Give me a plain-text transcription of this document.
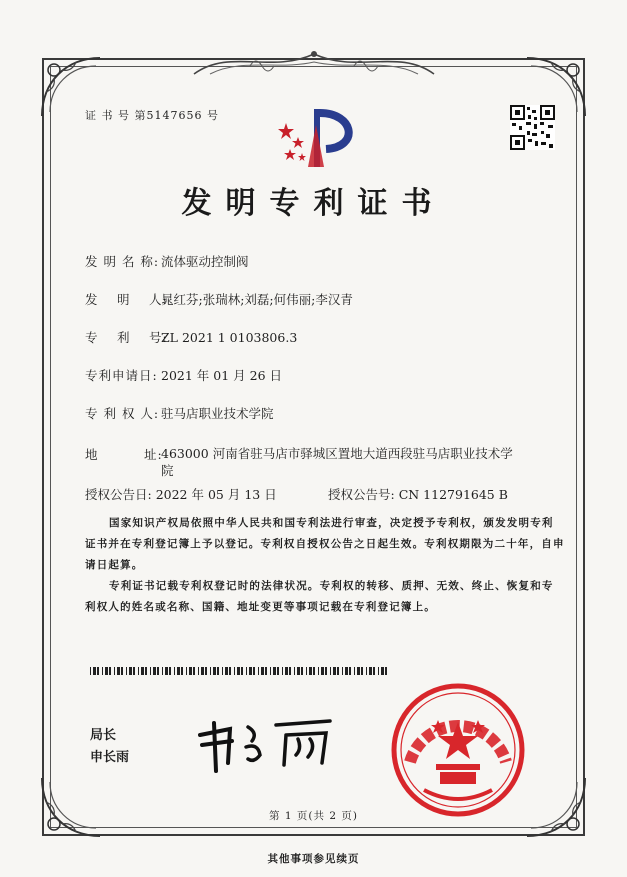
证 书 号 第5147656 号
发明专利证书
发 明 名 称: 流体驱动控制阀
发　 明　 人:晁红芬;张瑞林;刘磊;何伟丽;李汉青
专　 利　 号:ZL 2021 1 0103806.3
专利申请日: 2021 年 01 月 26 日
专 利 权 人: 驻马店职业技术学院
地　　　 址:
463000 河南省驻马店市驿城区置地大道西段驻马店职业技术学院
授权公告日: 2022 年 05 月 13 日	授权公告号: CN 112791645 B
国家知识产权局依照中华人民共和国专利法进行审查，决定授予专利权，颁发发明专利证书并在专利登记簿上予以登记。专利权自授权公告之日起生效。专利权期限为二十年，自申请日起算。
专利证书记载专利权登记时的法律状况。专利权的转移、质押、无效、终止、恢复和专利权人的姓名或名称、国籍、地址变更等事项记载在专利登记簿上。
局长
申长雨
第 1 页(共 2 页)
其他事项参见续页
